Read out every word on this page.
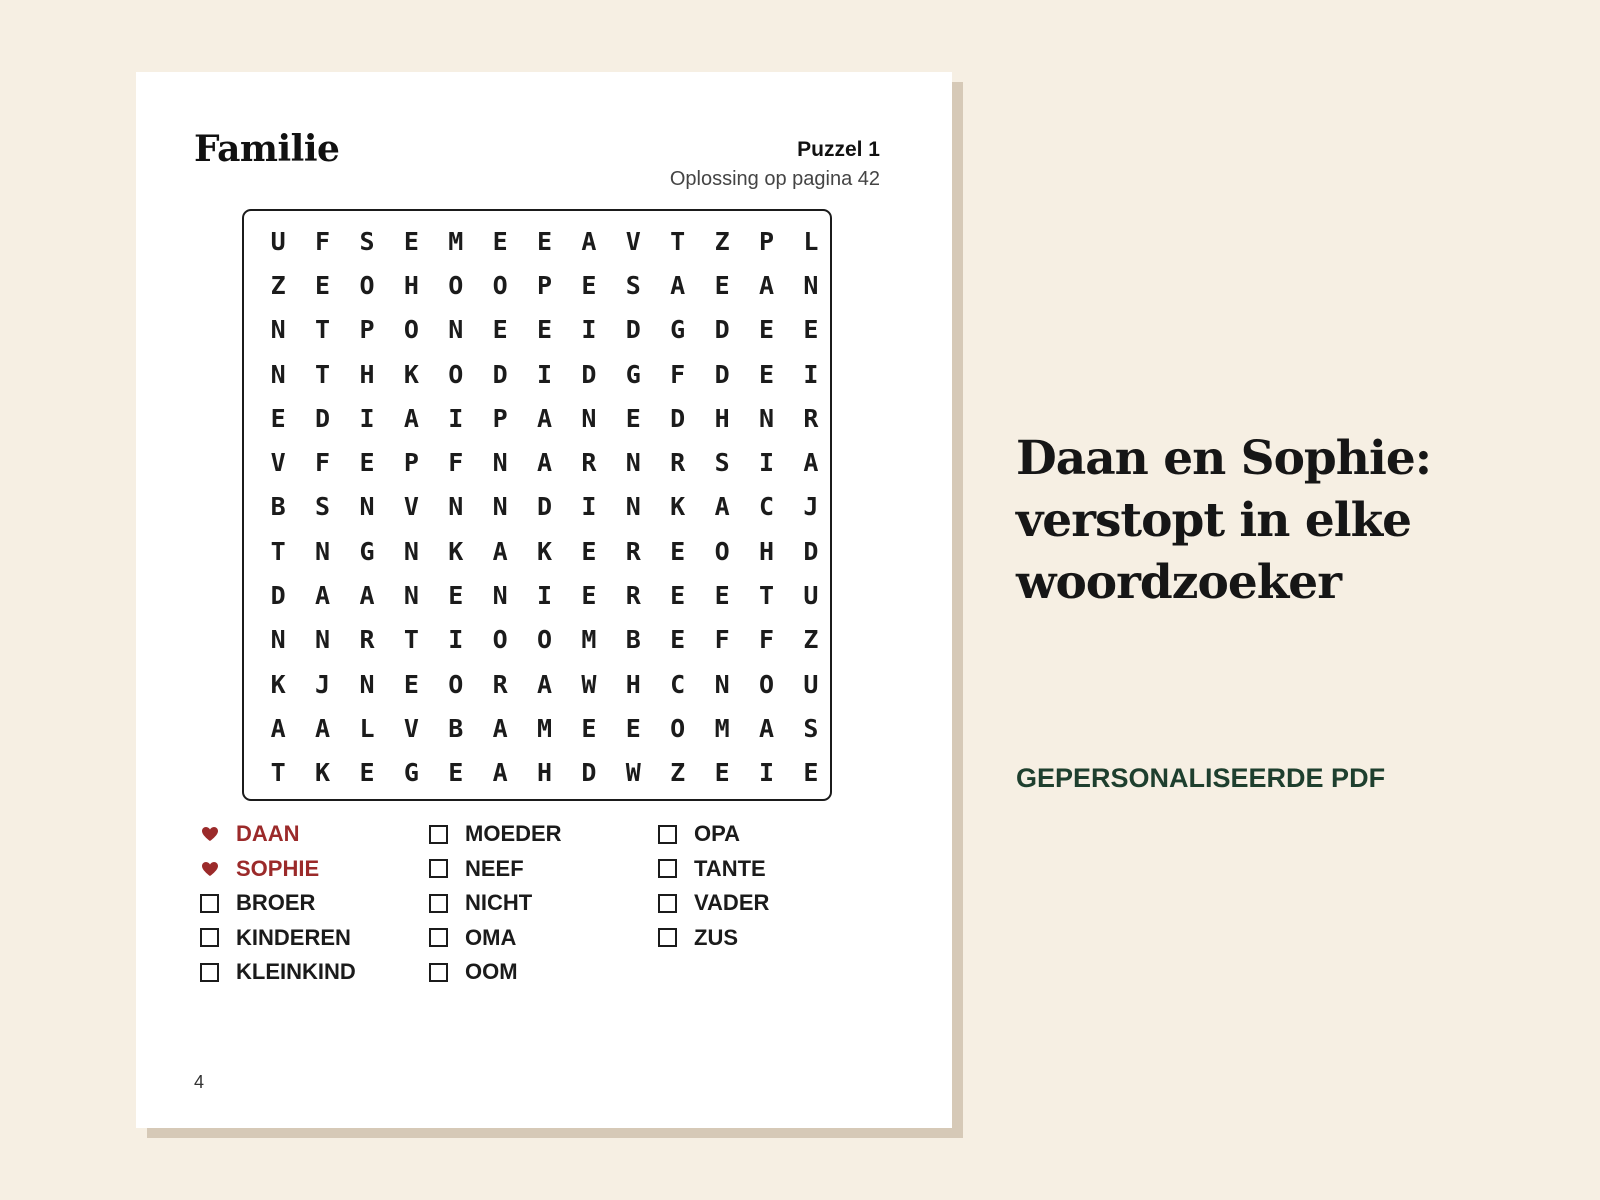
Familie	Puzzel 1
Oplossing op pagina 42
U	F	S	E	M	E	E	A	V	T	Z	P	L
Z	E	O	H	O	O	P	E	S	A	E	A	N
N	T	P	O	N	E	E	I	D	G	D	E	E
N	T	H	K	O	D	I	D	G	F	D	E	I
E	D	I	A	I	P	A	N	E	D	H	N	R
V	F	E	P	F	N	A	R	N	R	S	I	A
B	S	N	V	N	N	D	I	N	K	A	C	J
T	N	G	N	K	A	K	E	R	E	O	H	D
D	A	A	N	E	N	I	E	R	E	E	T	U
N	N	R	T	I	O	O	M	B	E	F	F	Z
K	J	N	E	O	R	A	W	H	C	N	O	U
A	A	L	V	B	A	M	E	E	O	M	A	S
T	K	E	G	E	A	H	D	W	Z	E	I	E
DAAN	MOEDER	OPA
SOPHIE	NEEF	TANTE
BROER	NICHT	VADER
KINDEREN	OMA	ZUS
KLEINKIND	OOM
4
Daan en Sophie:
verstopt in elke
woordzoeker
GEPERSONALISEERDE PDF
